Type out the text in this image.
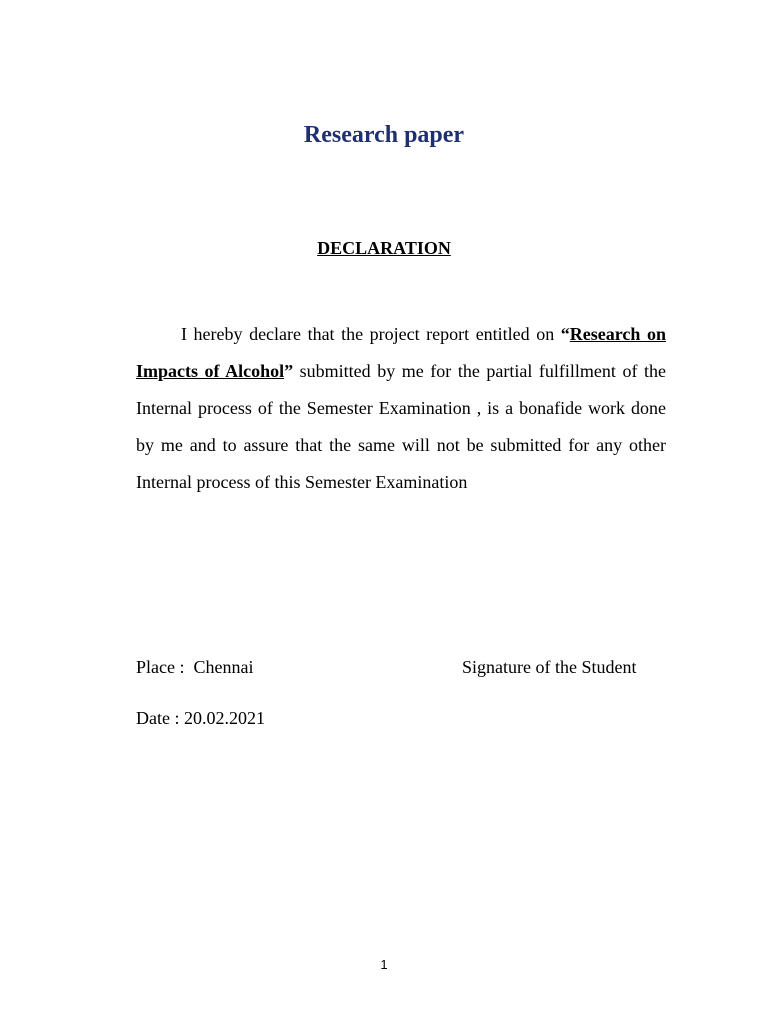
Research paper
DECLARATION

I hereby declare that the project report entitled on “Research on Impacts of Alcohol” submitted by me for the partial fulfillment of the Internal process of the Semester Examination , is a bonafide work done by me and to assure that the same will not be submitted for any other Internal process of this Semester Examination

Place :  Chennai	Signature of the Student
Date : 20.02.2021
1
